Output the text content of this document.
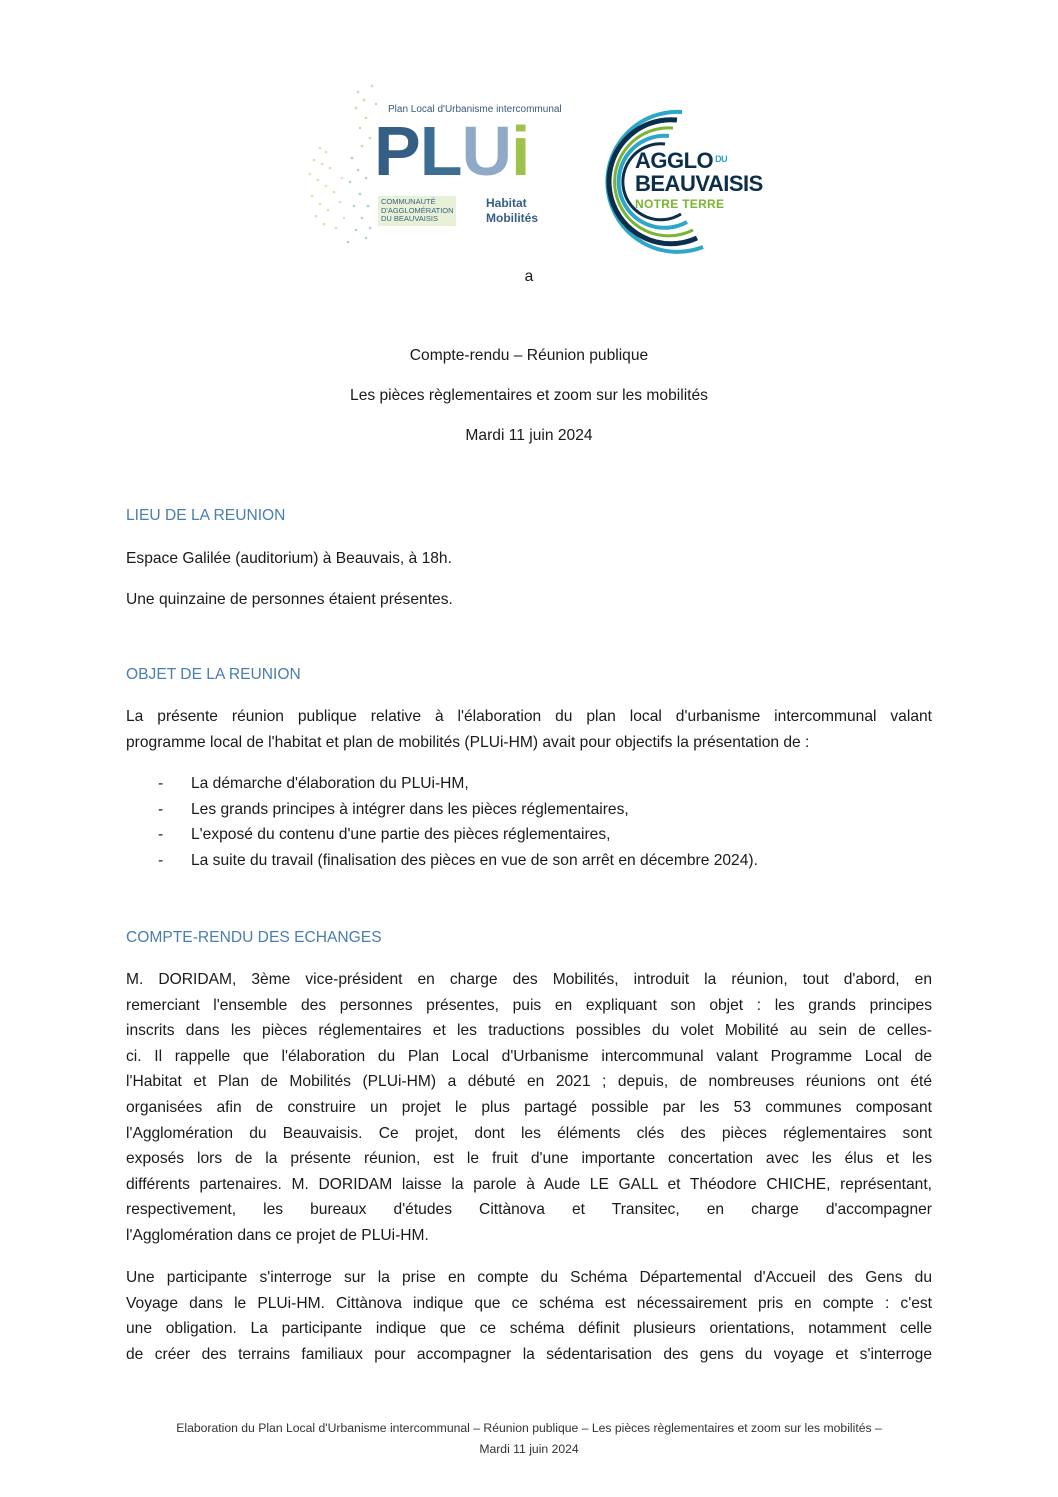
Plan Local d'Urbanisme intercommunal
PLUi
COMMUNAUTÉ
D'AGGLOMÉRATION
DU BEAUVAISIS
Habitat
Mobilités
AGGLO $^{DU}$
BEAUVAISIS
NOTRE TERRE
a
Compte-rendu – Réunion publique
Les pièces règlementaires et zoom sur les mobilités
Mardi 11 juin 2024
LIEU DE LA REUNION
Espace Galilée (auditorium) à Beauvais, à 18h.
Une quinzaine de personnes étaient présentes.
OBJET DE LA REUNION
La présente réunion publique relative à l'élaboration du plan local d'urbanisme intercommunal valant
programme local de l'habitat et plan de mobilités (PLUi-HM) avait pour objectifs la présentation de :
- La démarche d'élaboration du PLUi-HM,
- Les grands principes à intégrer dans les pièces réglementaires,
- L'exposé du contenu d'une partie des pièces réglementaires,
- La suite du travail (finalisation des pièces en vue de son arrêt en décembre 2024).
COMPTE-RENDU DES ECHANGES
M. DORIDAM, 3ème vice-président en charge des Mobilités, introduit la réunion, tout d'abord, en
remerciant l'ensemble des personnes présentes, puis en expliquant son objet : les grands principes
inscrits dans les pièces réglementaires et les traductions possibles du volet Mobilité au sein de celles-
ci. Il rappelle que l'élaboration du Plan Local d'Urbanisme intercommunal valant Programme Local de
l'Habitat et Plan de Mobilités (PLUi-HM) a débuté en 2021 ; depuis, de nombreuses réunions ont été
organisées afin de construire un projet le plus partagé possible par les 53 communes composant
l'Agglomération du Beauvaisis. Ce projet, dont les éléments clés des pièces réglementaires sont
exposés lors de la présente réunion, est le fruit d'une importante concertation avec les élus et les
différents partenaires. M. DORIDAM laisse la parole à Aude LE GALL et Théodore CHICHE, représentant,
respectivement, les bureaux d'études Cittànova et Transitec, en charge d'accompagner
l'Agglomération dans ce projet de PLUi-HM.
Une participante s'interroge sur la prise en compte du Schéma Départemental d'Accueil des Gens du
Voyage dans le PLUi-HM. Cittànova indique que ce schéma est nécessairement pris en compte : c'est
une obligation. La participante indique que ce schéma définit plusieurs orientations, notamment celle
de créer des terrains familiaux pour accompagner la sédentarisation des gens du voyage et s'interroge
Elaboration du Plan Local d'Urbanisme intercommunal – Réunion publique – Les pièces règlementaires et zoom sur les mobilités –
Mardi 11 juin 2024
